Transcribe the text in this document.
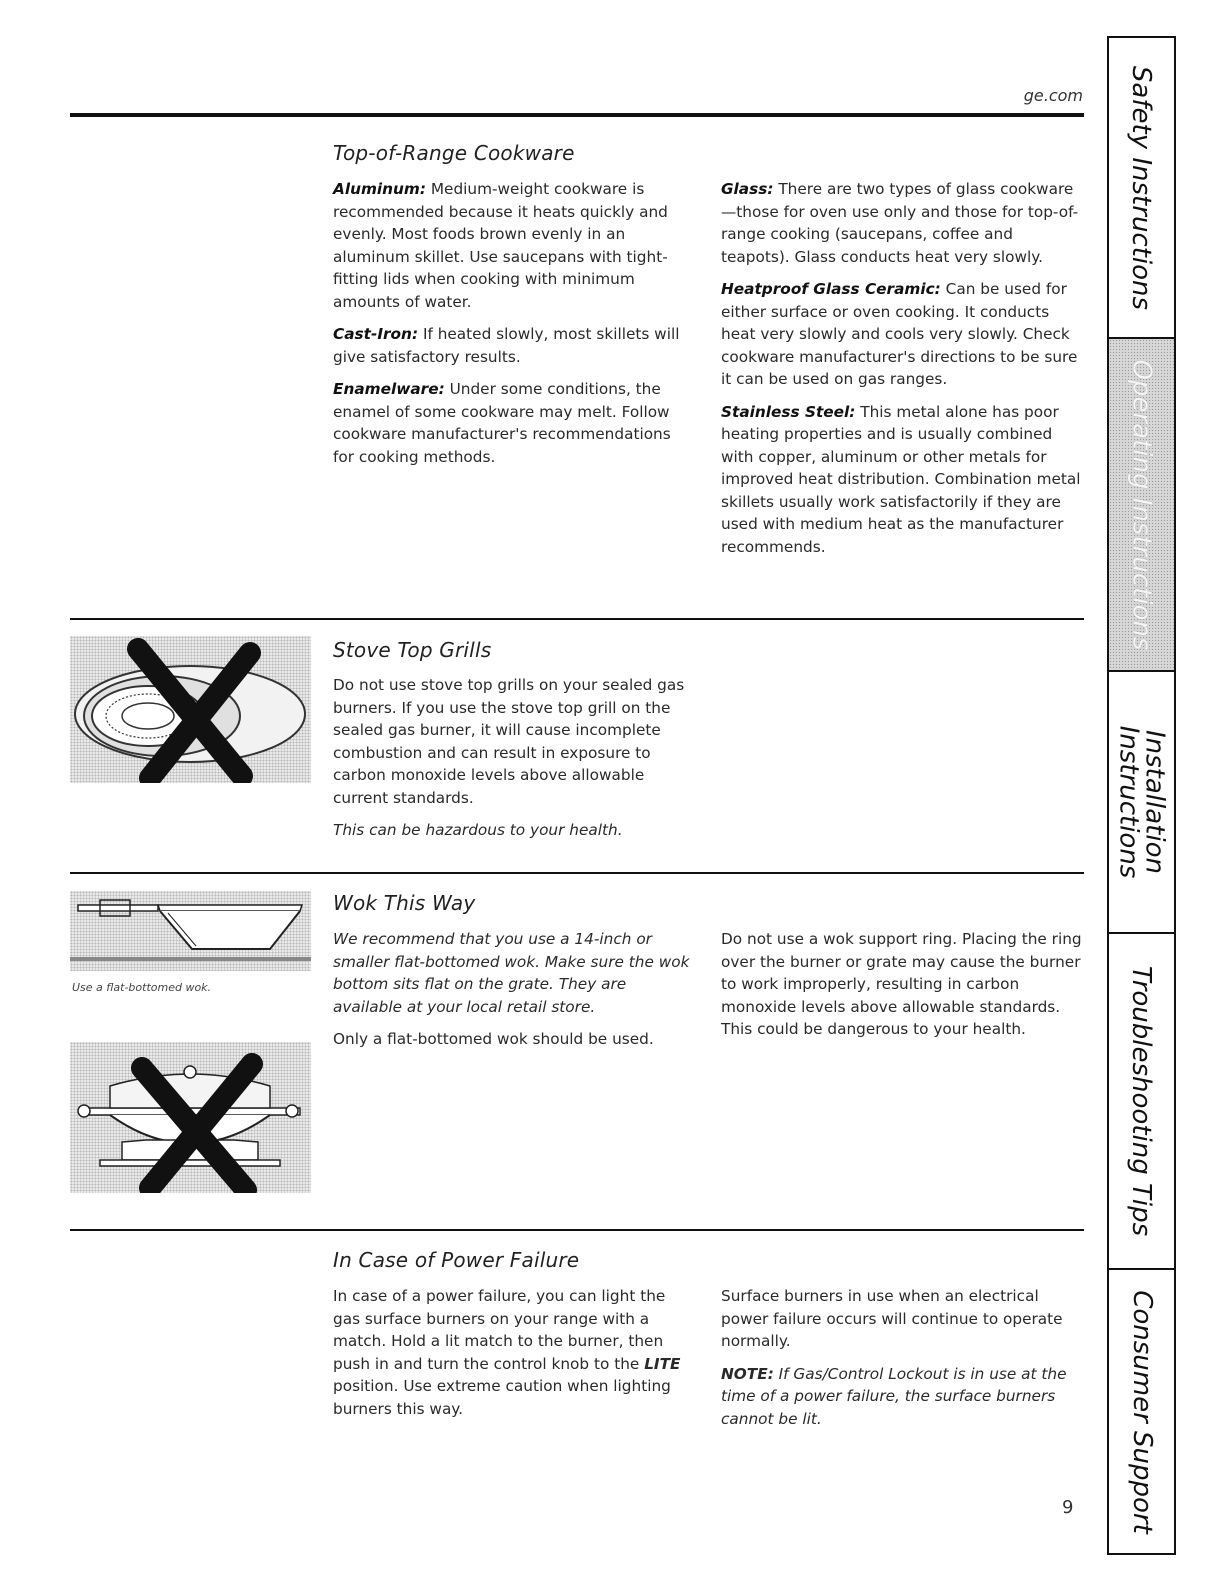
ge.com
Top-of-Range Cookware

Aluminum: Medium-weight cookware is recommended because it heats quickly and evenly. Most foods brown evenly in an aluminum skillet. Use saucepans with tight-fitting lids when cooking with minimum amounts of water.

Cast-Iron: If heated slowly, most skillets will give satisfactory results.

Enamelware: Under some conditions, the enamel of some cookware may melt. Follow cookware manufacturer's recommendations for cooking methods.

Glass: There are two types of glass cookware—those for oven use only and those for top-of-range cooking (saucepans, coffee and teapots). Glass conducts heat very slowly.

Heatproof Glass Ceramic: Can be used for either surface or oven cooking. It conducts heat very slowly and cools very slowly. Check cookware manufacturer's directions to be sure it can be used on gas ranges.

Stainless Steel: This metal alone has poor heating properties and is usually combined with copper, aluminum or other metals for improved heat distribution. Combination metal skillets usually work satisfactorily if they are used with medium heat as the manufacturer recommends.

Stove Top Grills

Do not use stove top grills on your sealed gas burners. If you use the stove top grill on the sealed gas burner, it will cause incomplete combustion and can result in exposure to carbon monoxide levels above allowable current standards.

This can be hazardous to your health.

Use a flat-bottomed wok.
Wok This Way

We recommend that you use a 14-inch or smaller flat-bottomed wok. Make sure the wok bottom sits flat on the grate. They are available at your local retail store.

Only a flat-bottomed wok should be used.

Do not use a wok support ring. Placing the ring over the burner or grate may cause the burner to work improperly, resulting in carbon monoxide levels above allowable standards. This could be dangerous to your health.

In Case of Power Failure

In case of a power failure, you can light the gas surface burners on your range with a match. Hold a lit match to the burner, then push in and turn the control knob to the LITE position. Use extreme caution when lighting burners this way.

Surface burners in use when an electrical power failure occurs will continue to operate normally.

NOTE: If Gas/Control Lockout is in use at the time of a power failure, the surface burners cannot be lit.

9
Safety Instructions
Operating Instructions
Installation Instructions
Troubleshooting Tips
Consumer Support
